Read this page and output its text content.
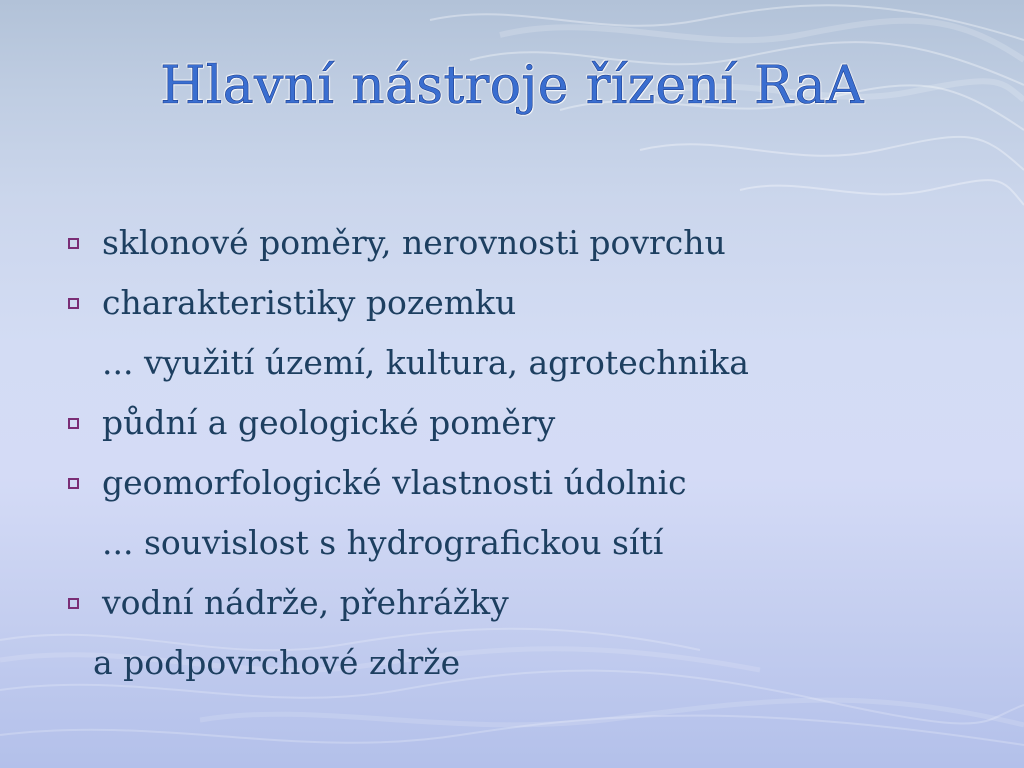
Hlavní nástroje řízení RaA
sklonové poměry, nerovnosti povrchu
charakteristiky pozemku
... využití území, kultura, agrotechnika
půdní a geologické poměry
geomorfologické vlastnosti údolnic
... souvislost s hydrografickou sítí
vodní nádrže, přehrážky
a podpovrchové zdrže
